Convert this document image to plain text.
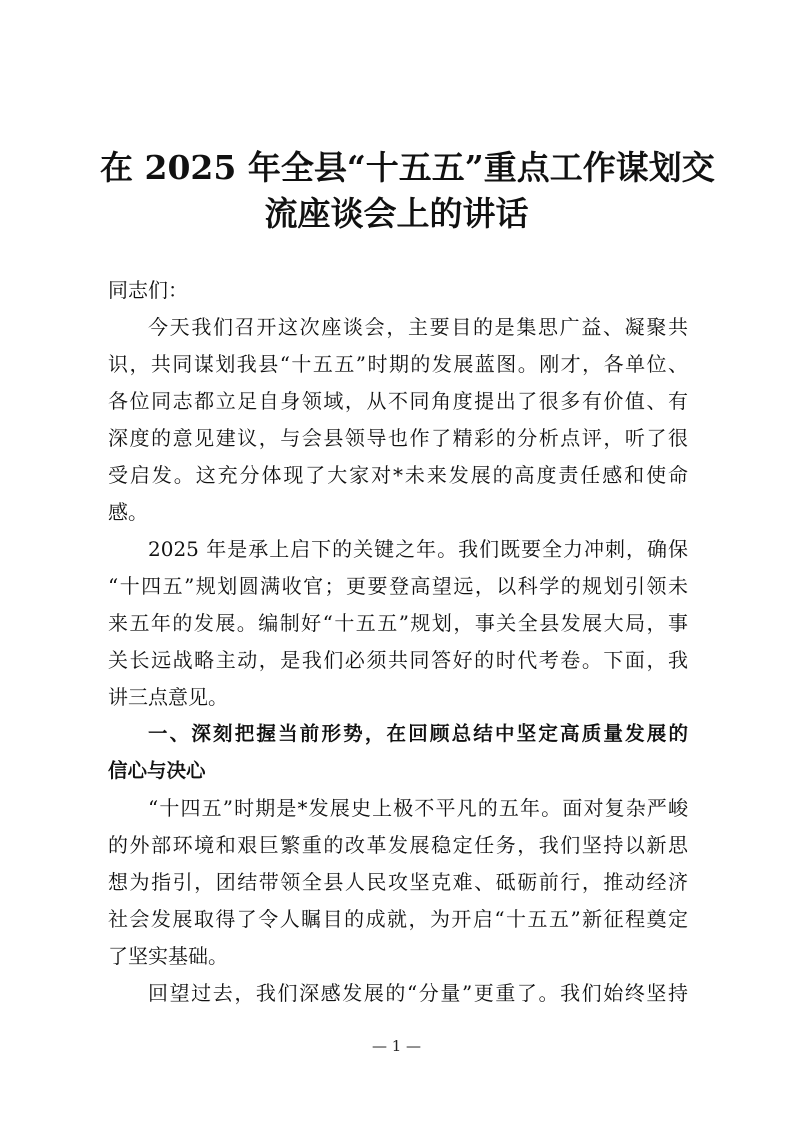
在 2025 年全县“十五五”重点工作谋划交
流座谈会上的讲话
同志们：
今天我们召开这次座谈会，主要目的是集思广益、凝聚共
识，共同谋划我县“十五五”时期的发展蓝图。刚才，各单位、
各位同志都立足自身领域，从不同角度提出了很多有价值、有
深度的意见建议，与会县领导也作了精彩的分析点评，听了很
受启发。这充分体现了大家对*未来发展的高度责任感和使命
感。
2025 年是承上启下的关键之年。我们既要全力冲刺，确保
“十四五”规划圆满收官；更要登高望远，以科学的规划引领未
来五年的发展。编制好“十五五”规划，事关全县发展大局，事
关长远战略主动，是我们必须共同答好的时代考卷。下面，我
讲三点意见。
一、深刻把握当前形势，在回顾总结中坚定高质量发展的
信心与决心
“十四五”时期是*发展史上极不平凡的五年。面对复杂严峻
的外部环境和艰巨繁重的改革发展稳定任务，我们坚持以新思
想为指引，团结带领全县人民攻坚克难、砥砺前行，推动经济
社会发展取得了令人瞩目的成就，为开启“十五五”新征程奠定
了坚实基础。
回望过去，我们深感发展的“分量”更重了。我们始终坚持
— 1 —
